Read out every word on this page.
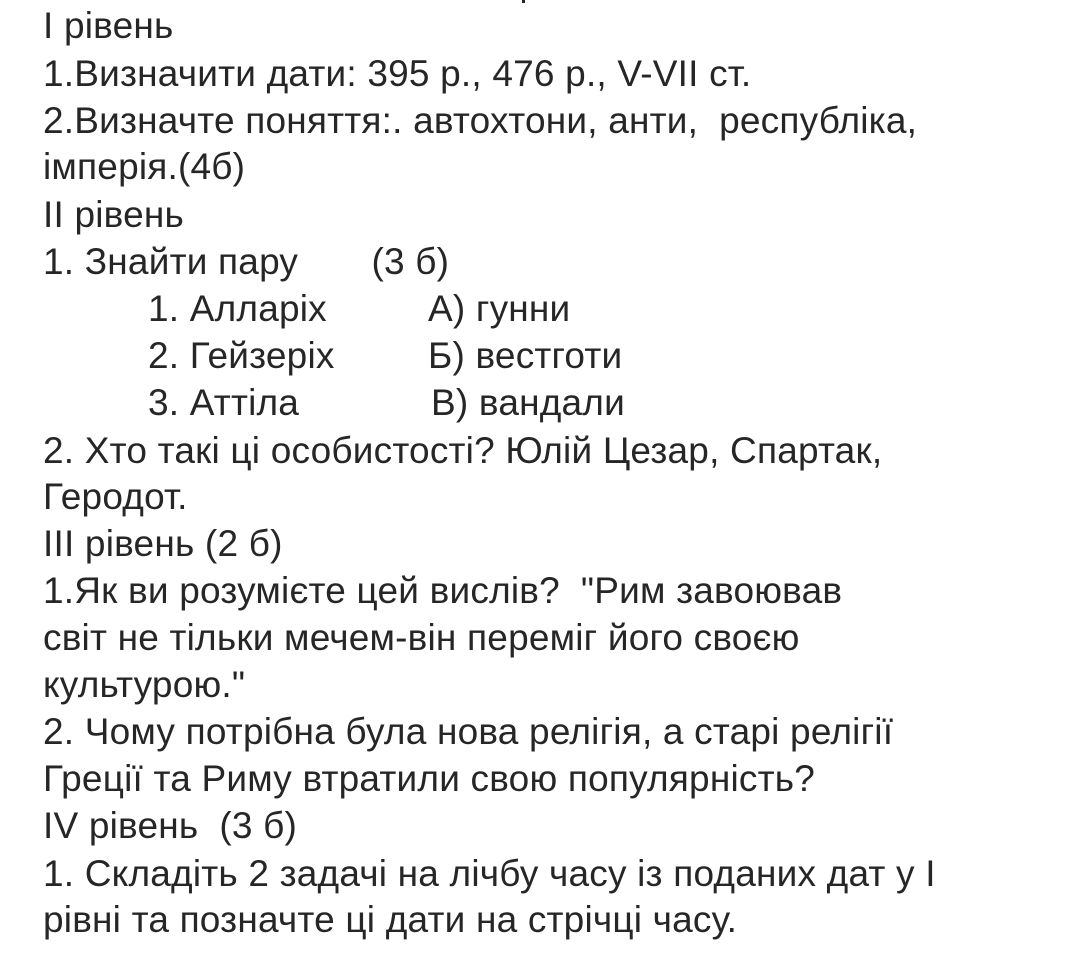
І рівень
1.Визначити дати: 395 р., 476 р., V-VII ст.
2.Визначте поняття:. автохтони, анти,  республіка,
імперія.(4б)
ІІ рівень
1. Знайти пару       (3 б)
1. Алларіх	А) гунни
2. Гейзеріх	Б) вестготи
3. Аттіла	В) вандали
2. Хто такі ці особистості? Юлій Цезар, Спартак,
Геродот.
ІІІ рівень (2 б)
1.Як ви розумієте цей вислів?  "Рим завоював
світ не тільки мечем-він переміг його своєю
культурою."
2. Чому потрібна була нова релігія, а старі релігії
Греції та Риму втратили свою популярність?
IV рівень  (3 б)
1. Складіть 2 задачі на лічбу часу із поданих дат у І
рівні та позначте ці дати на стрічці часу.
